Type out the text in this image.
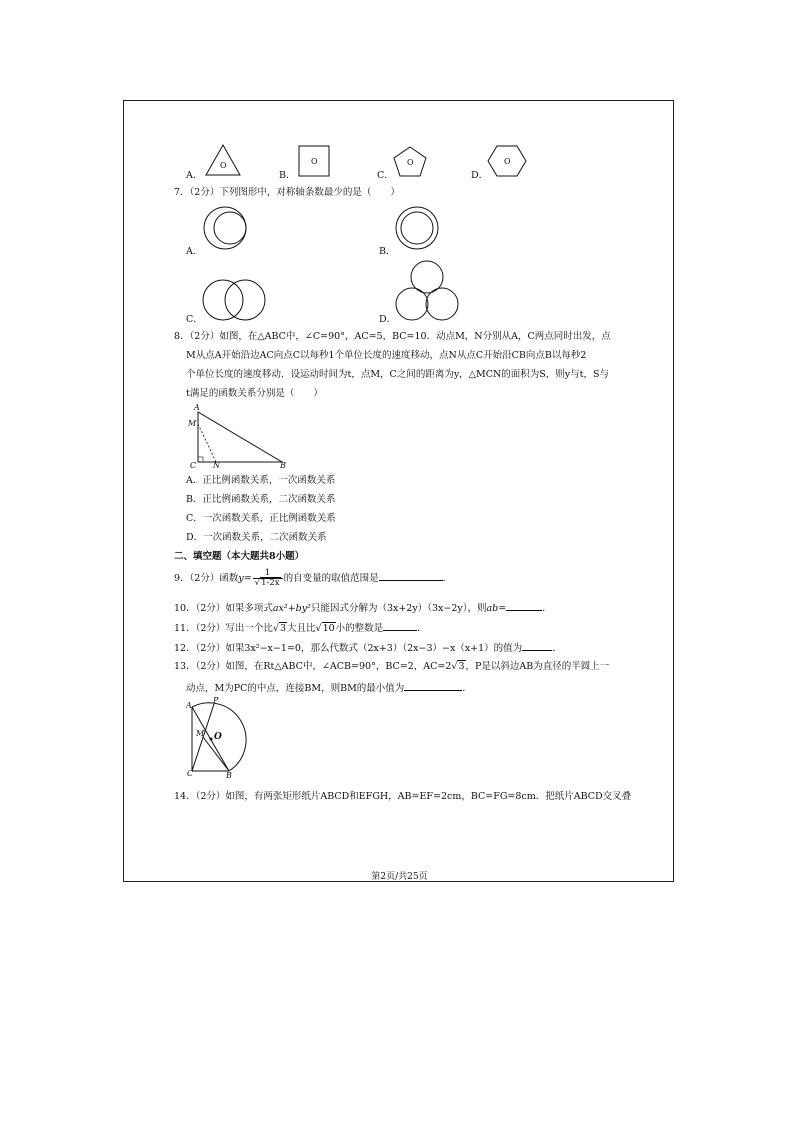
A．
O
B．
O
C．
O
D．
O
7．（2分）下列图形中，对称轴条数最少的是（　　）
A．	B．
C．	D．
8．（2分）如图，在△ABC中，∠C=90°，AC=5，BC=10．动点M，N分别从A，C两点同时出发，点
M从点A开始沿边AC向点C以每秒1个单位长度的速度移动，点N从点C开始沿CB向点B以每秒2
个单位长度的速度移动．设运动时间为t，点M，C之间的距离为y，△MCN的面积为S，则y与t，S与
t满足的函数关系分别是（　　）
A
M
C N	B
A．正比例函数关系，一次函数关系
B．正比例函数关系，二次函数关系
C．一次函数关系，正比例函数关系
D．一次函数关系，二次函数关系
二、填空题（本大题共8小题）
9．（2分）函数$y= \frac{1}{√1-2x}$ 的自变量的取值范围是	．
10．（2分）如果多项式ax²+by²只能因式分解为（3x+2y）（3x−2y），则ab=	．
11．（2分）写出一个比√3大且比√10小的整数是	．
12．（2分）如果3x²−x−1=0，那么代数式（2x+3）（2x−3）−x（x+1）的值为	．
13．（2分）如图，在Rt△ABC中，∠ACB=90°，BC=2，AC=2√3，P是以斜边AB为直径的半圆上一
动点，M为PC的中点，连接BM，则BM的最小值为	．
A
P
M O
C	B
14．（2分）如图，有两张矩形纸片ABCD和EFGH，AB=EF=2cm，BC=FG=8cm．把纸片ABCD交叉叠
第2页/共25页
